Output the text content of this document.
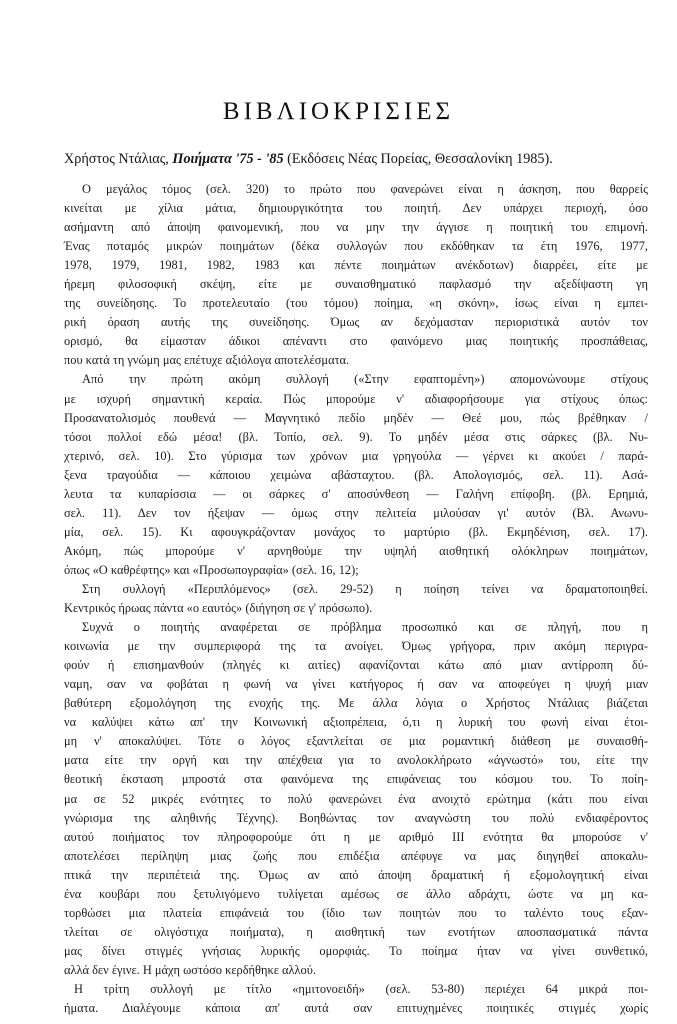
ΒΙΒΛΙΟΚΡΙΣΙΕΣ

Χρήστος Ντάλιας, Ποιήματα '75 - '85 (Εκδόσεις Νέας Πορείας, Θεσσαλονίκη 1985).

Ο μεγάλος τόμος (σελ. 320) το πρώτο που φανερώνει είναι η άσκηση, που θαρρείς

κινείται με χίλια μάτια, δημιουργικότητα του ποιητή. Δεν υπάρχει περιοχή, όσο

ασήμαντη από άποψη φαινομενική, που να μην την άγγισε η ποιητική του επιμονή.

Ένας ποταμός μικρών ποιημάτων (δέκα συλλογών που εκδόθηκαν τα έτη 1976, 1977,

1978, 1979, 1981, 1982, 1983 και πέντε ποιημάτων ανέκδοτων) διαρρέει, είτε με

ήρεμη φιλοσοφική σκέψη, είτε με συναισθηματικό παφλασμό την αξεδίψαστη γη

της συνείδησης. Το προτελευταίο (του τόμου) ποίημα, «η σκόνη», ίσως είναι η εμπει-

ρική όραση αυτής της συνείδησης. Όμως αν δεχόμασταν περιοριστικά αυτόν τον

ορισμό, θα είμασταν άδικοι απέναντι στο φαινόμενο μιας ποιητικής προσπάθειας,

που κατά τη γνώμη μας επέτυχε αξιόλογα αποτελέσματα.

Από την πρώτη ακόμη συλλογή («Στην εφαπτομένη») απομονώνουμε στίχους

με ισχυρή σημαντική κεραία. Πώς μπορούμε ν' αδιαφορήσουμε για στίχους όπως:

Προσανατολισμός πουθενά — Μαγνητικό πεδίο μηδέν — Θεέ μου, πώς βρέθηκαν /

τόσοι πολλοί εδώ μέσα! (βλ. Τοπίο, σελ. 9). Το μηδέν μέσα στις σάρκες (βλ. Νυ-

χτερινό, σελ. 10). Στο γύρισμα των χρόνων μια γρηγούλα — γέρνει κι ακούει / παρά-

ξενα τραγούδια — κάποιου χειμώνα αβάσταχτου. (βλ. Απολογισμός, σελ. 11). Ασά-

λευτα τα κυπαρίσσια — οι σάρκες σ' αποσύνθεση — Γαλήνη επίφοβη. (βλ. Ερημιά,

σελ. 11). Δεν τον ήξεψαν — όμως στην πελιτεία μιλούσαν γι' αυτόν (Βλ. Ανωνυ-

μία, σελ. 15). Κι αφουγκράζονταν μονάχος το μαρτύριο (βλ. Εκμηδένιση, σελ. 17).

Ακόμη, πώς μπορούμε ν' αρνηθούμε την υψηλή αισθητική ολόκληρων ποιημάτων,

όπως «Ο καθρέφτης» και «Προσωπογραφία» (σελ. 16, 12);

Στη συλλογή «Περιπλόμενος» (σελ. 29-52) η ποίηση τείνει να δραματοποιηθεί.

Κεντρικός ήρωας πάντα «ο εαυτός» (διήγηση σε γ' πρόσωπο).

Συχνά ο ποιητής αναφέρεται σε πρόβλημα προσωπικό και σε πληγή, που η

κοινωνία με την συμπεριφορά της τα ανοίγει. Όμως γρήγορα, πριν ακόμη περιγρα-

φούν ή επισημανθούν (πληγές κι αιτίες) αφανίζονται κάτω από μιαν αντίρροπη δύ-

ναμη, σαν να φοβάται η φωνή να γίνει κατήγορος ή σαν να αποφεύγει η ψυχή μιαν

βαθύτερη εξομολόγηση της ενοχής της. Με άλλα λόγια ο Χρήστος Ντάλιας βιάζεται

να καλύψει κάτω απ' την Κοινωνική αξιοπρέπεια, ό,τι η λυρική του φωνή είναι έτοι-

μη ν' αποκαλύψει. Τότε ο λόγος εξαντλείται σε μια ρομαντική διάθεση με συναισθή-

ματα είτε την οργή και την απέχθεια για το ανολοκλήρωτο «άγνωστό» του, είτε την

θεοτική έκσταση μπροστά στα φαινόμενα της επιφάνειας του κόσμου του. Το ποίη-

μα σε 52 μικρές ενότητες το πολύ φανερώνει ένα ανοιχτό ερώτημα (κάτι που είναι

γνώρισμα της αληθινής Τέχνης). Βοηθώντας τον αναγνώστη του πολύ ενδιαφέροντος

αυτού ποιήματος τον πληροφορούμε ότι η με αριθμό III ενότητα θα μπορούσε ν'

αποτελέσει περίληψη μιας ζωής που επιδέξια απέφυγε να μας διηγηθεί αποκαλυ-

πτικά την περιπέτειά της. Όμως αν από άποψη δραματική ή εξομολογητική είναι

ένα κουβάρι που ξετυλιγόμενο τυλίγεται αμέσως σε άλλο αδράχτι, ώστε να μη κα-

τορθώσει μια πλατεία επιφάνειά του (ίδιο των ποιητών που το ταλέντο τους εξαν-

τλείται σε ολιγόστιχα ποιήματα), η αισθητική των ενοτήτων αποσπασματικά πάντα

μας δίνει στιγμές γνήσιας λυρικής ομορφιάς. Το ποίημα ήταν να γίνει συνθετικό,

αλλά δεν έγινε. Η μάχη ωστόσο κερδήθηκε αλλού.

Η τρίτη συλλογή με τίτλο «ημιτονοειδή» (σελ. 53-80) περιέχει 64 μικρά ποι-

ήματα. Διαλέγουμε κάποια απ' αυτά σαν επιτυχημένες ποιητικές στιγμές χωρίς
